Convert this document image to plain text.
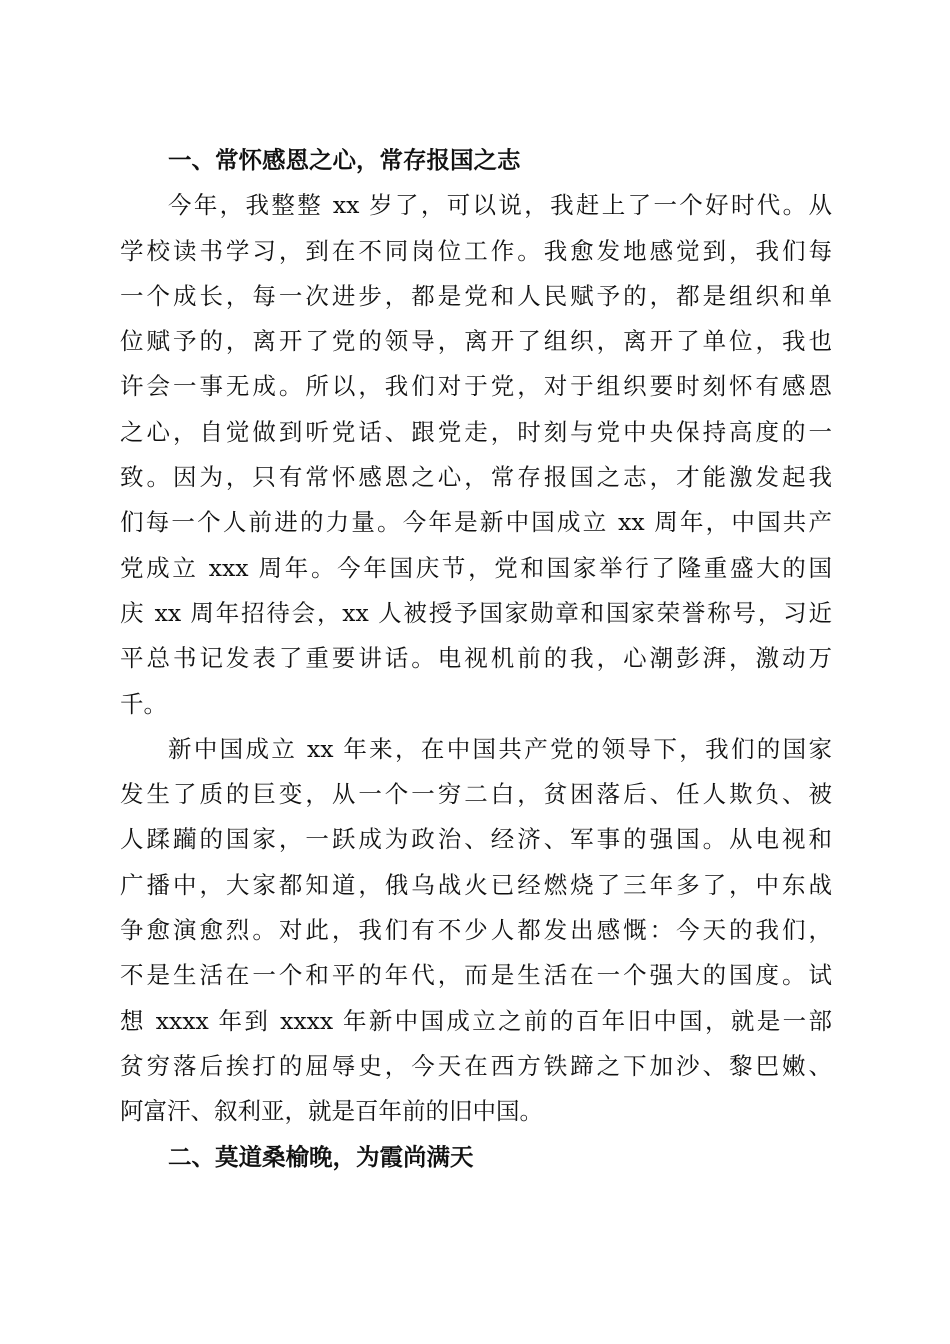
一、常怀感恩之心，常存报国之志
今年，我整整 xx 岁了，可以说，我赶上了一个好时代。从
学校读书学习，到在不同岗位工作。我愈发地感觉到，我们每
一个成长，每一次进步，都是党和人民赋予的，都是组织和单
位赋予的，离开了党的领导，离开了组织，离开了单位，我也
许会一事无成。所以，我们对于党，对于组织要时刻怀有感恩
之心，自觉做到听党话、跟党走，时刻与党中央保持高度的一
致。因为，只有常怀感恩之心，常存报国之志，才能激发起我
们每一个人前进的力量。今年是新中国成立 xx 周年，中国共产
党成立 xxx 周年。今年国庆节，党和国家举行了隆重盛大的国
庆 xx 周年招待会，xx 人被授予国家勋章和国家荣誉称号，习近
平总书记发表了重要讲话。电视机前的我，心潮彭湃，激动万
千。
新中国成立 xx 年来，在中国共产党的领导下，我们的国家
发生了质的巨变，从一个一穷二白，贫困落后、任人欺负、被
人蹂躏的国家，一跃成为政治、经济、军事的强国。从电视和
广播中，大家都知道，俄乌战火已经燃烧了三年多了，中东战
争愈演愈烈。对此，我们有不少人都发出感慨：今天的我们，
不是生活在一个和平的年代，而是生活在一个强大的国度。试
想 xxxx 年到 xxxx 年新中国成立之前的百年旧中国，就是一部
贫穷落后挨打的屈辱史，今天在西方铁蹄之下加沙、黎巴嫩、
阿富汗、叙利亚，就是百年前的旧中国。
二、莫道桑榆晚，为霞尚满天
